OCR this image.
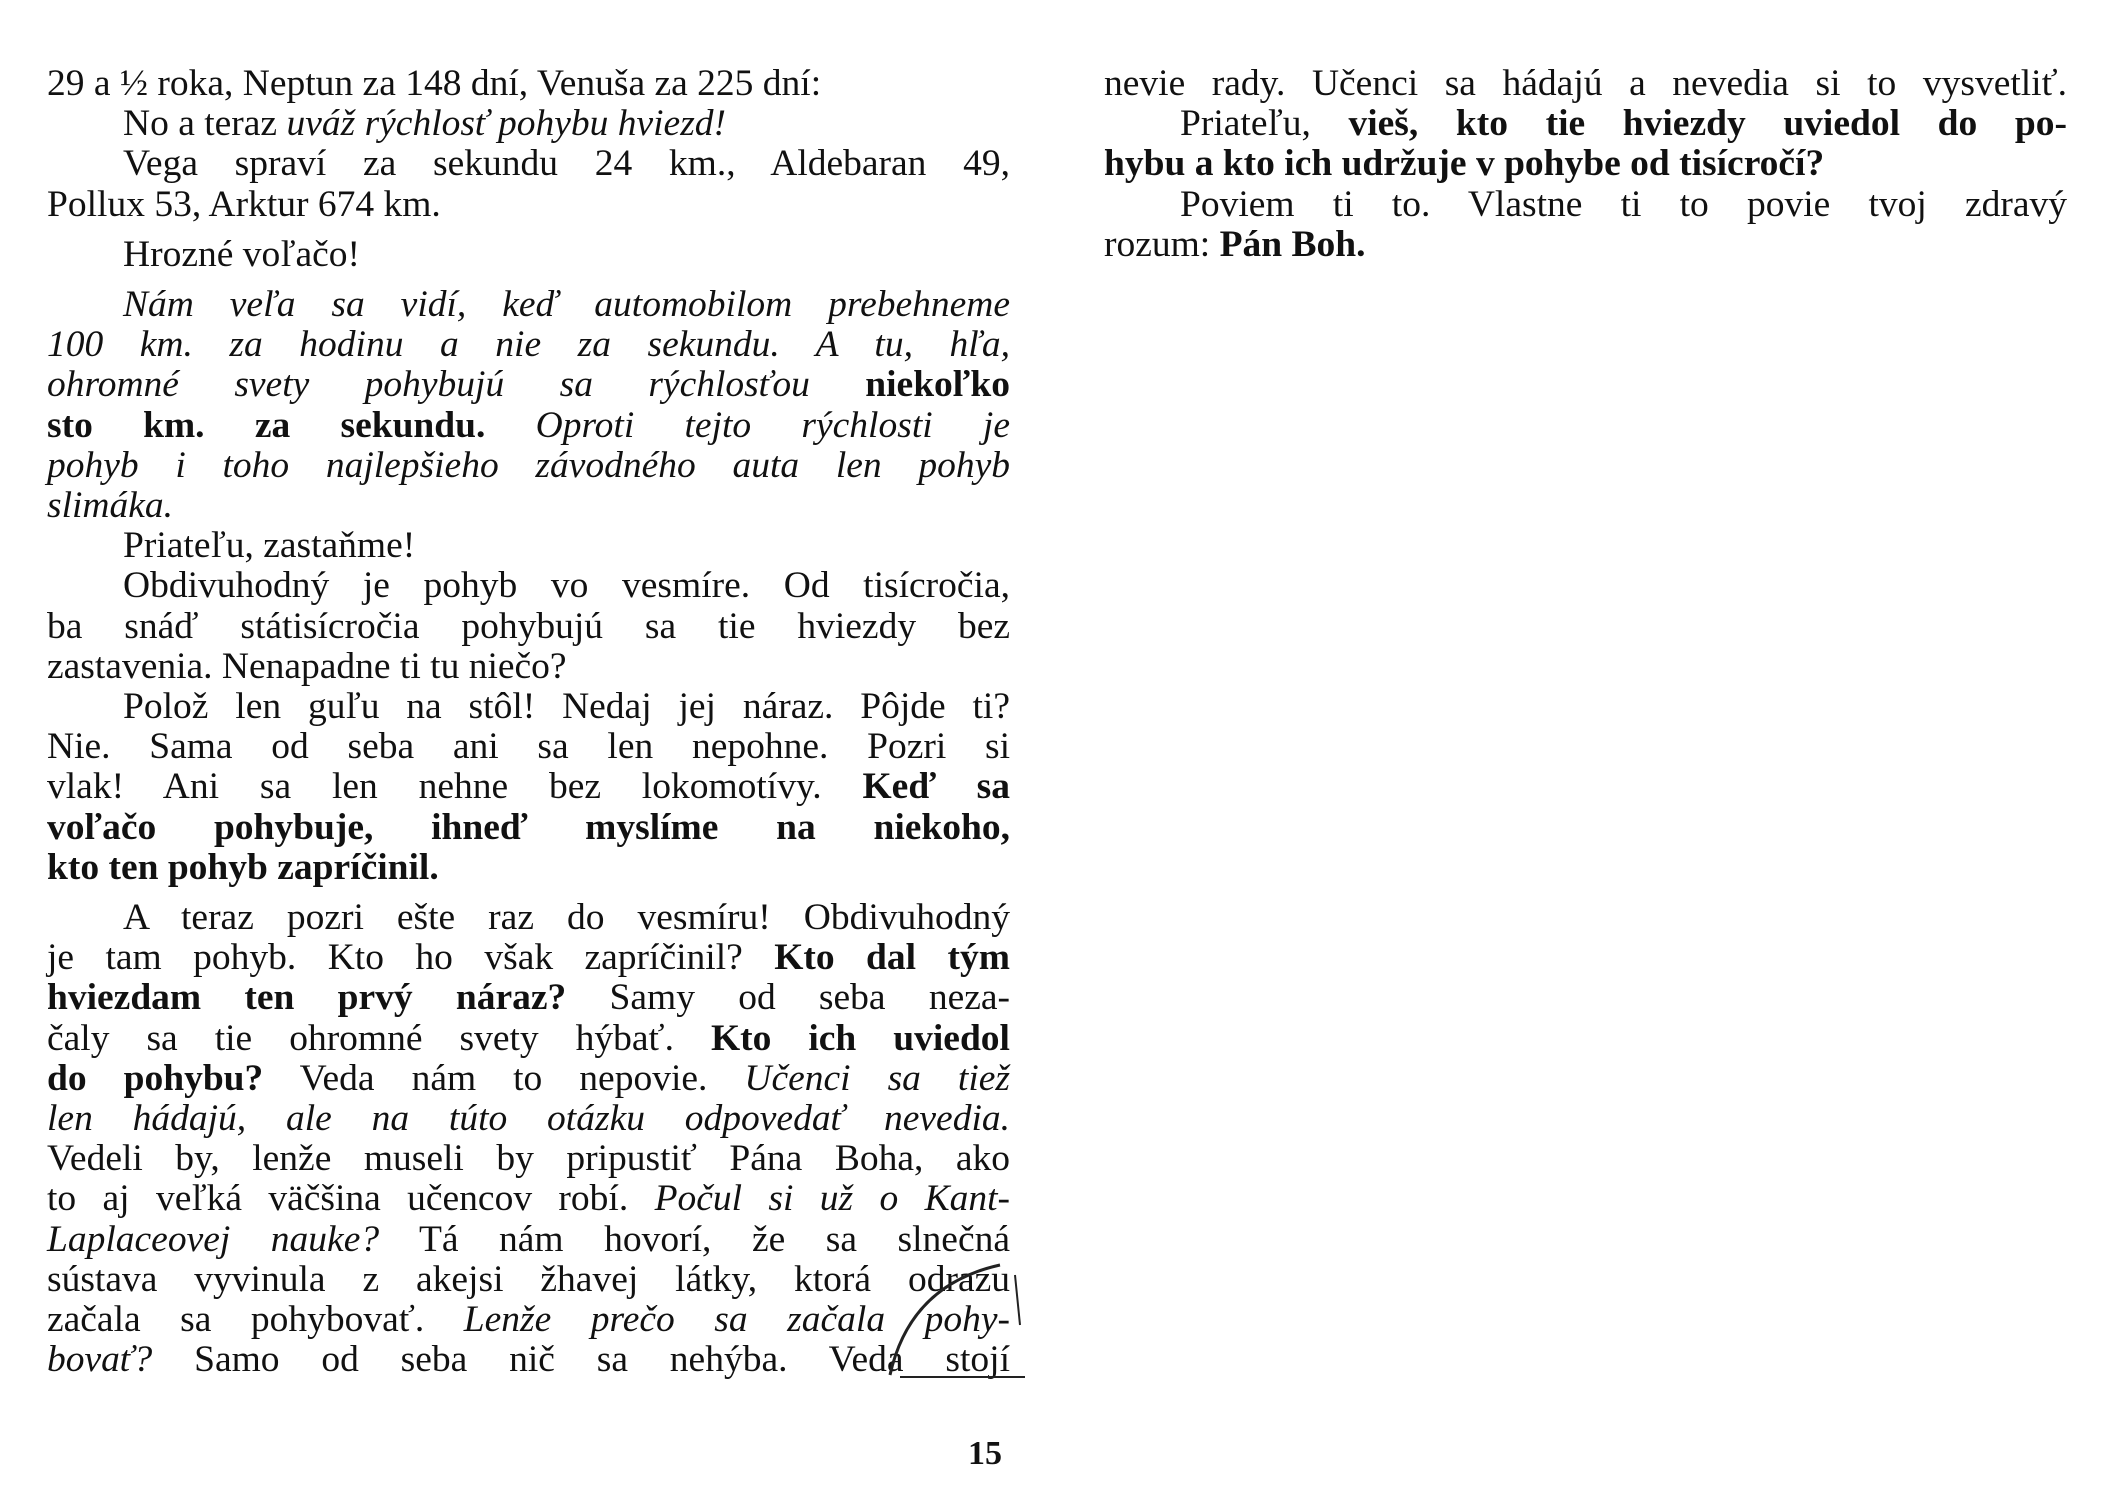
29 a ½ roka, Neptun za 148 dní, Venuša za 225 dní:
No a teraz uváž rýchlosť pohybu hviezd!
Vega spraví za sekundu 24 km., Aldebaran 49,
Pollux 53, Arktur 674 km.
Hrozné voľačo!
Nám veľa sa vidí, keď automobilom prebehneme
100 km. za hodinu a nie za sekundu. A tu, hľa,
ohromné svety pohybujú sa rýchlosťou niekoľko
sto km. za sekundu. Oproti tejto rýchlosti je
pohyb i toho najlepšieho závodného auta len pohyb
slimáka.
Priateľu, zastaňme!
Obdivuhodný je pohyb vo vesmíre. Od tisícročia,
ba snáď státisícročia pohybujú sa tie hviezdy bez
zastavenia. Nenapadne ti tu niečo?
Polož len guľu na stôl! Nedaj jej náraz. Pôjde ti?
Nie. Sama od seba ani sa len nepohne. Pozri si
vlak! Ani sa len nehne bez lokomotívy. Keď sa
voľačo pohybuje, ihneď myslíme na niekoho,
kto ten pohyb zapríčinil.
A teraz pozri ešte raz do vesmíru! Obdivuhodný
je tam pohyb. Kto ho však zapríčinil? Kto dal tým
hviezdam ten prvý náraz? Samy od seba neza-
čaly sa tie ohromné svety hýbať. Kto ich uviedol
do pohybu? Veda nám to nepovie. Učenci sa tiež
len hádajú, ale na túto otázku odpovedať nevedia.
Vedeli by, lenže museli by pripustiť Pána Boha, ako
to aj veľká väčšina učencov robí. Počul si už o Kant-
Laplaceovej nauke? Tá nám hovorí, že sa slnečná
sústava vyvinula z akejsi žhavej látky, ktorá odrazu
začala sa pohybovať. Lenže prečo sa začala pohy-
bovať? Samo od seba nič sa nehýba. Veda stojí
nevie rady. Učenci sa hádajú a nevedia si to vysvetliť.
Priateľu, vieš, kto tie hviezdy uviedol do po-
hybu a kto ich udržuje v pohybe od tisícročí?
Poviem ti to. Vlastne ti to povie tvoj zdravý
rozum: Pán Boh.
15
